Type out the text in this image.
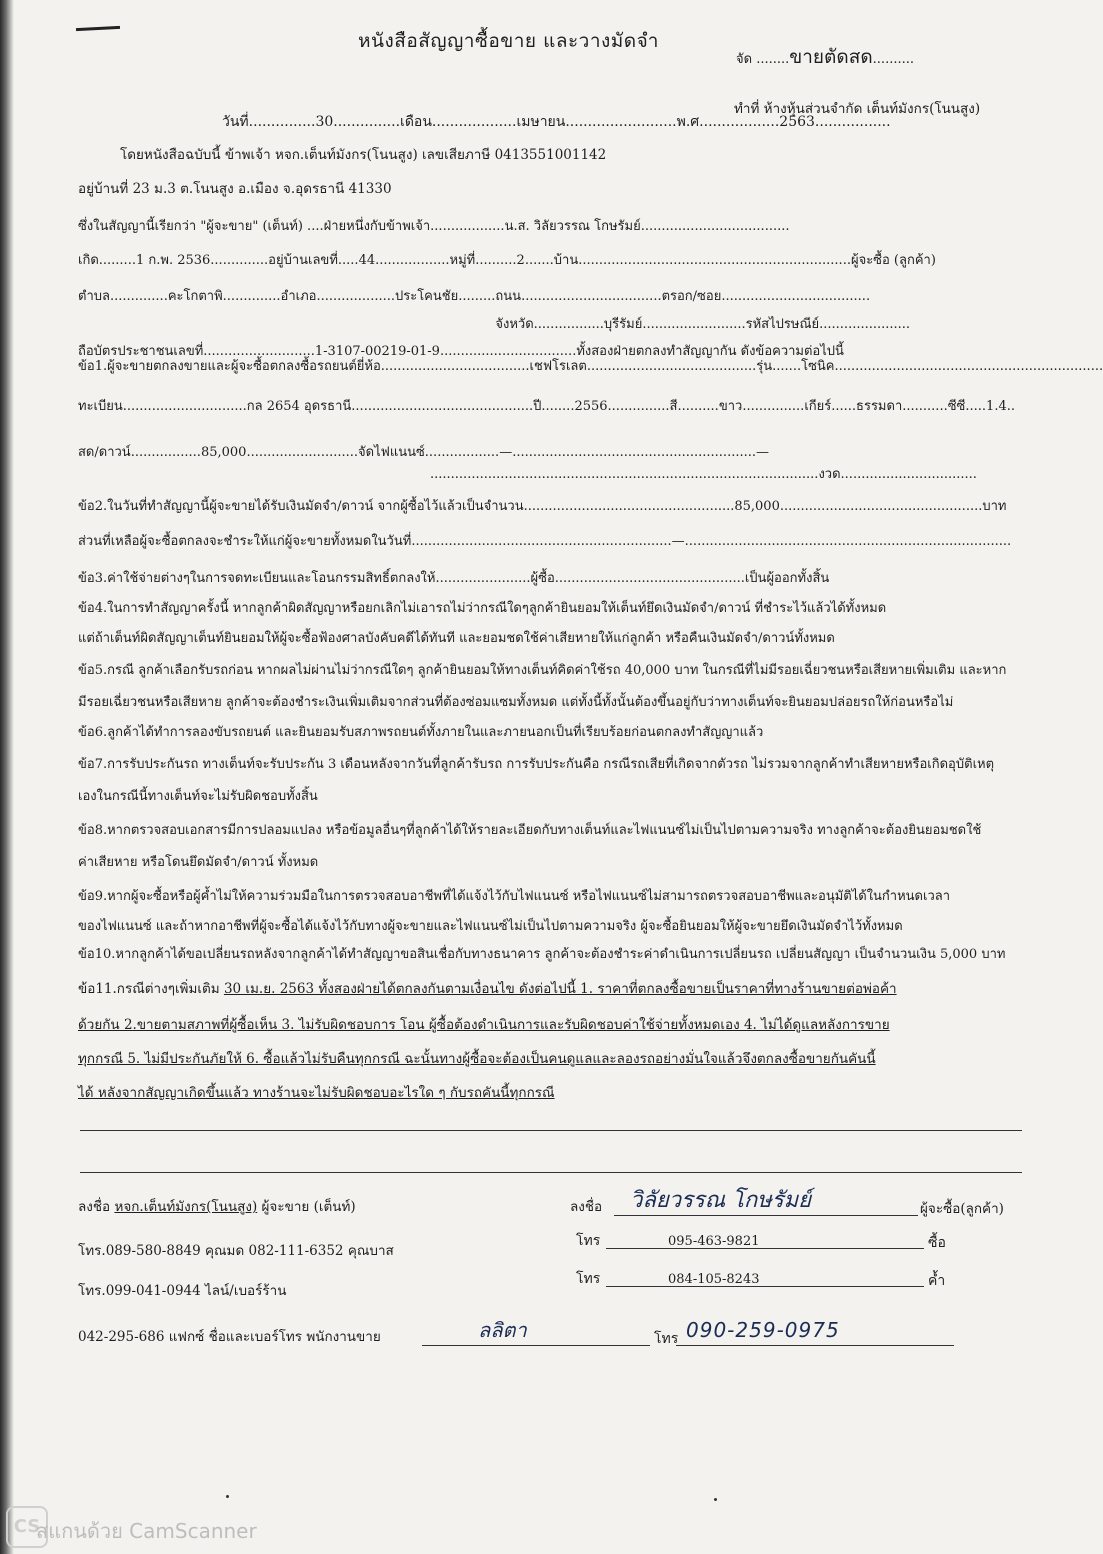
หนังสือสัญญาซื้อขาย และวางมัดจำ
จัด ........ขายตัดสด..........
ทำที่ ห้างหุ้นส่วนจำกัด เต็นท์มังกร(โนนสูง)
วันที่...............30...............เดือน...................เมษายน.........................พ.ศ..................2563.................
โดยหนังสือฉบับนี้ ข้าพเจ้า หจก.เต็นท์มังกร(โนนสูง) เลขเสียภาษี 0413551001142
อยู่บ้านที่ 23 ม.3 ต.โนนสูง อ.เมือง จ.อุดรธานี 41330
ซึ่งในสัญญานี้เรียกว่า "ผู้จะขาย" (เต็นท์) ....ฝ่ายหนึ่งกับข้าพเจ้า..................น.ส. วิลัยวรรณ โกษรัมย์....................................
เกิด.........1 ก.พ. 2536..............อยู่บ้านเลขที่.....44..................หมู่ที่..........2.......บ้าน..................................................................ผู้จะซื้อ (ลูกค้า)
ตำบล..............คะโกตาพิ..............อำเภอ...................ประโคนชัย.........ถนน..................................ตรอก/ซอย....................................
จังหวัด.................บุรีรัมย์.........................รหัสไปรษณีย์......................
ถือบัตรประชาชนเลขที่...........................1-3107-00219-01-9.................................ทั้งสองฝ่ายตกลงทำสัญญากัน ดังข้อความต่อไปนี้
ข้อ1.ผู้จะขายตกลงขายและผู้จะซื้อตกลงซื้อรถยนต์ยี่ห้อ....................................เชฟโรเลต.........................................รุ่น.......โซนิค.................................................................
ทะเบียน..............................กล 2654 อุดรธานี............................................ปี........2556...............สี..........ขาว...............เกียร์......ธรรมดา...........ซีซี.....1.4..
สด/ดาวน์.................85,000...........................จัดไฟแนนซ์..................—...........................................................—
..............................................................................................งวด.................................
ข้อ2.ในวันที่ทำสัญญานี้ผู้จะขายได้รับเงินมัดจำ/ดาวน์ จากผู้ซื้อไว้แล้วเป็นจำนวน...................................................85,000.................................................บาท
ส่วนที่เหลือผู้จะซื้อตกลงจะชำระให้แก่ผู้จะขายทั้งหมดในวันที่...............................................................—...............................................................................
ข้อ3.ค่าใช้จ่ายต่างๆในการจดทะเบียนและโอนกรรมสิทธิ์ตกลงให้.......................ผู้ซื้อ..............................................เป็นผู้ออกทั้งสิ้น
ข้อ4.ในการทำสัญญาครั้งนี้ หากลูกค้าผิดสัญญาหรือยกเลิกไม่เอารถไม่ว่ากรณีใดๆลูกค้ายินยอมให้เต็นท์ยึดเงินมัดจำ/ดาวน์ ที่ชำระไว้แล้วได้ทั้งหมด
แต่ถ้าเต็นท์ผิดสัญญาเต็นท์ยินยอมให้ผู้จะซื้อฟ้องศาลบังคับคดีได้ทันที และยอมชดใช้ค่าเสียหายให้แก่ลูกค้า หรือคืนเงินมัดจำ/ดาวน์ทั้งหมด
ข้อ5.กรณี ลูกค้าเลือกรับรถก่อน หากผลไม่ผ่านไม่ว่ากรณีใดๆ ลูกค้ายินยอมให้ทางเต็นท์คิดค่าใช้รถ 40,000 บาท ในกรณีที่ไม่มีรอยเฉี่ยวชนหรือเสียหายเพิ่มเติม และหาก
มีรอยเฉี่ยวชนหรือเสียหาย ลูกค้าจะต้องชำระเงินเพิ่มเติมจากส่วนที่ต้องซ่อมแซมทั้งหมด แต่ทั้งนี้ทั้งนั้นต้องขึ้นอยู่กับว่าทางเต็นท์จะยินยอมปล่อยรถให้ก่อนหรือไม่
ข้อ6.ลูกค้าได้ทำการลองขับรถยนต์ และยินยอมรับสภาพรถยนต์ทั้งภายในและภายนอกเป็นที่เรียบร้อยก่อนตกลงทำสัญญาแล้ว
ข้อ7.การรับประกันรถ ทางเต็นท์จะรับประกัน 3 เดือนหลังจากวันที่ลูกค้ารับรถ การรับประกันคือ กรณีรถเสียที่เกิดจากตัวรถ ไม่รวมจากลูกค้าทำเสียหายหรือเกิดอุบัติเหตุ
เองในกรณีนี้ทางเต็นท์จะไม่รับผิดชอบทั้งสิ้น
ข้อ8.หากตรวจสอบเอกสารมีการปลอมแปลง หรือข้อมูลอื่นๆที่ลูกค้าได้ให้รายละเอียดกับทางเต็นท์และไฟแนนซ์ไม่เป็นไปตามความจริง ทางลูกค้าจะต้องยินยอมชดใช้
ค่าเสียหาย หรือโดนยึดมัดจำ/ดาวน์ ทั้งหมด
ข้อ9.หากผู้จะซื้อหรือผู้ค้ำไม่ให้ความร่วมมือในการตรวจสอบอาชีพที่ได้แจ้งไว้กับไฟแนนซ์ หรือไฟแนนซ์ไม่สามารถตรวจสอบอาชีพและอนุมัติได้ในกำหนดเวลา
ของไฟแนนซ์ และถ้าหากอาชีพที่ผู้จะซื้อได้แจ้งไว้กับทางผู้จะขายและไฟแนนซ์ไม่เป็นไปตามความจริง ผู้จะซื้อยินยอมให้ผู้จะขายยึดเงินมัดจำไว้ทั้งหมด
ข้อ10.หากลูกค้าได้ขอเปลี่ยนรถหลังจากลูกค้าได้ทำสัญญาขอสินเชื่อกับทางธนาคาร ลูกค้าจะต้องชำระค่าดำเนินการเปลี่ยนรถ เปลี่ยนสัญญา เป็นจำนวนเงิน 5,000 บาท
ข้อ11.กรณีต่างๆเพิ่มเติม 30 เม.ย. 2563 ทั้งสองฝ่ายได้ตกลงกันตามเงื่อนไข ดังต่อไปนี้ 1. ราคาที่ตกลงซื้อขายเป็นราคาที่ทางร้านขายต่อพ่อค้า
ด้วยกัน 2.ขายตามสภาพที่ผู้ซื้อเห็น 3. ไม่รับผิดชอบการ โอน ผู้ซื้อต้องดำเนินการและรับผิดชอบค่าใช้จ่ายทั้งหมดเอง 4. ไม่ได้ดูแลหลังการขาย
ทุกกรณี 5. ไม่มีประกันภัยให้ 6. ซื้อแล้วไม่รับคืนทุกกรณี ฉะนั้นทางผู้ซื้อจะต้องเป็นคนดูแลและลองรถอย่างมั่นใจแล้วจึงตกลงซื้อขายกันคันนี้
ได้ หลังจากสัญญาเกิดขึ้นแล้ว ทางร้านจะไม่รับผิดชอบอะไรใด ๆ กับรถคันนี้ทุกกรณี
ลงชื่อ หจก.เต็นท์มังกร(โนนสูง) ผู้จะขาย (เต็นท์)	ลงชื่อ วิลัยวรรณ โกษรัมย์	ผู้จะซื้อ(ลูกค้า)
โทร.089-580-8849 คุณมด 082-111-6352 คุณบาส
โทร.099-041-0944 ไลน์/เบอร์ร้าน
042-295-686 แฟกซ์ ชื่อและเบอร์โทร พนักงานขาย
โทร	095-463-9821	ซื้อ
โทร	084-105-8243	ค้ำ
ลลิตา	โทร 090-259-0975
CS
สแกนด้วย CamScanner
